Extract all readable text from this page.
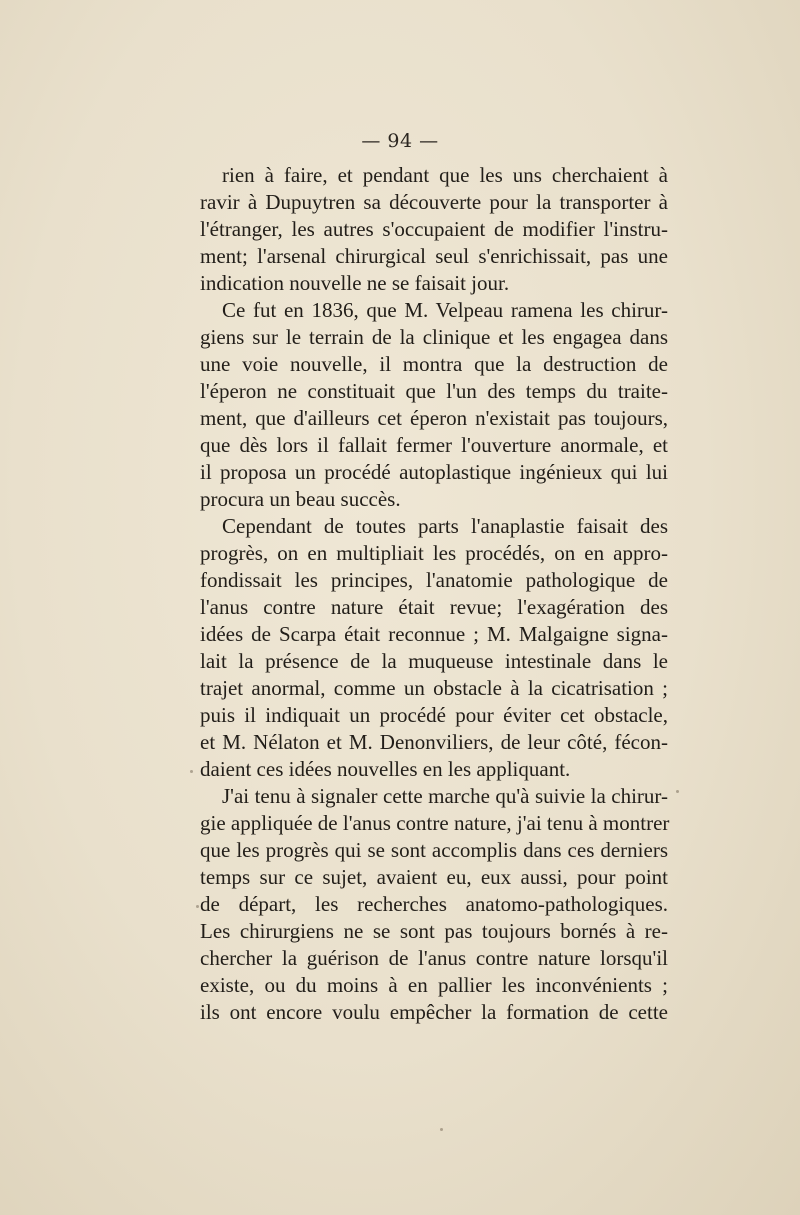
— 94 —
rien à faire, et pendant que les uns cherchaient à
ravir à Dupuytren sa découverte pour la transporter à
l'étranger, les autres s'occupaient de modifier l'instru-
ment; l'arsenal chirurgical seul s'enrichissait, pas une
indication nouvelle ne se faisait jour.
Ce fut en 1836, que M. Velpeau ramena les chirur-
giens sur le terrain de la clinique et les engagea dans
une voie nouvelle, il montra que la destruction de
l'éperon ne constituait que l'un des temps du traite-
ment, que d'ailleurs cet éperon n'existait pas toujours,
que dès lors il fallait fermer l'ouverture anormale, et
il proposa un procédé autoplastique ingénieux qui lui
procura un beau succès.
Cependant de toutes parts l'anaplastie faisait des
progrès, on en multipliait les procédés, on en appro-
fondissait les principes, l'anatomie pathologique de
l'anus contre nature était revue; l'exagération des
idées de Scarpa était reconnue ; M. Malgaigne signa-
lait la présence de la muqueuse intestinale dans le
trajet anormal, comme un obstacle à la cicatrisation ;
puis il indiquait un procédé pour éviter cet obstacle,
et M. Nélaton et M. Denonviliers, de leur côté, fécon-
daient ces idées nouvelles en les appliquant.
J'ai tenu à signaler cette marche qu'à suivie la chirur-
gie appliquée de l'anus contre nature, j'ai tenu à montrer
que les progrès qui se sont accomplis dans ces derniers
temps sur ce sujet, avaient eu, eux aussi, pour point
de départ, les recherches anatomo-pathologiques.
Les chirurgiens ne se sont pas toujours bornés à re-
chercher la guérison de l'anus contre nature lorsqu'il
existe, ou du moins à en pallier les inconvénients ;
ils ont encore voulu empêcher la formation de cette
